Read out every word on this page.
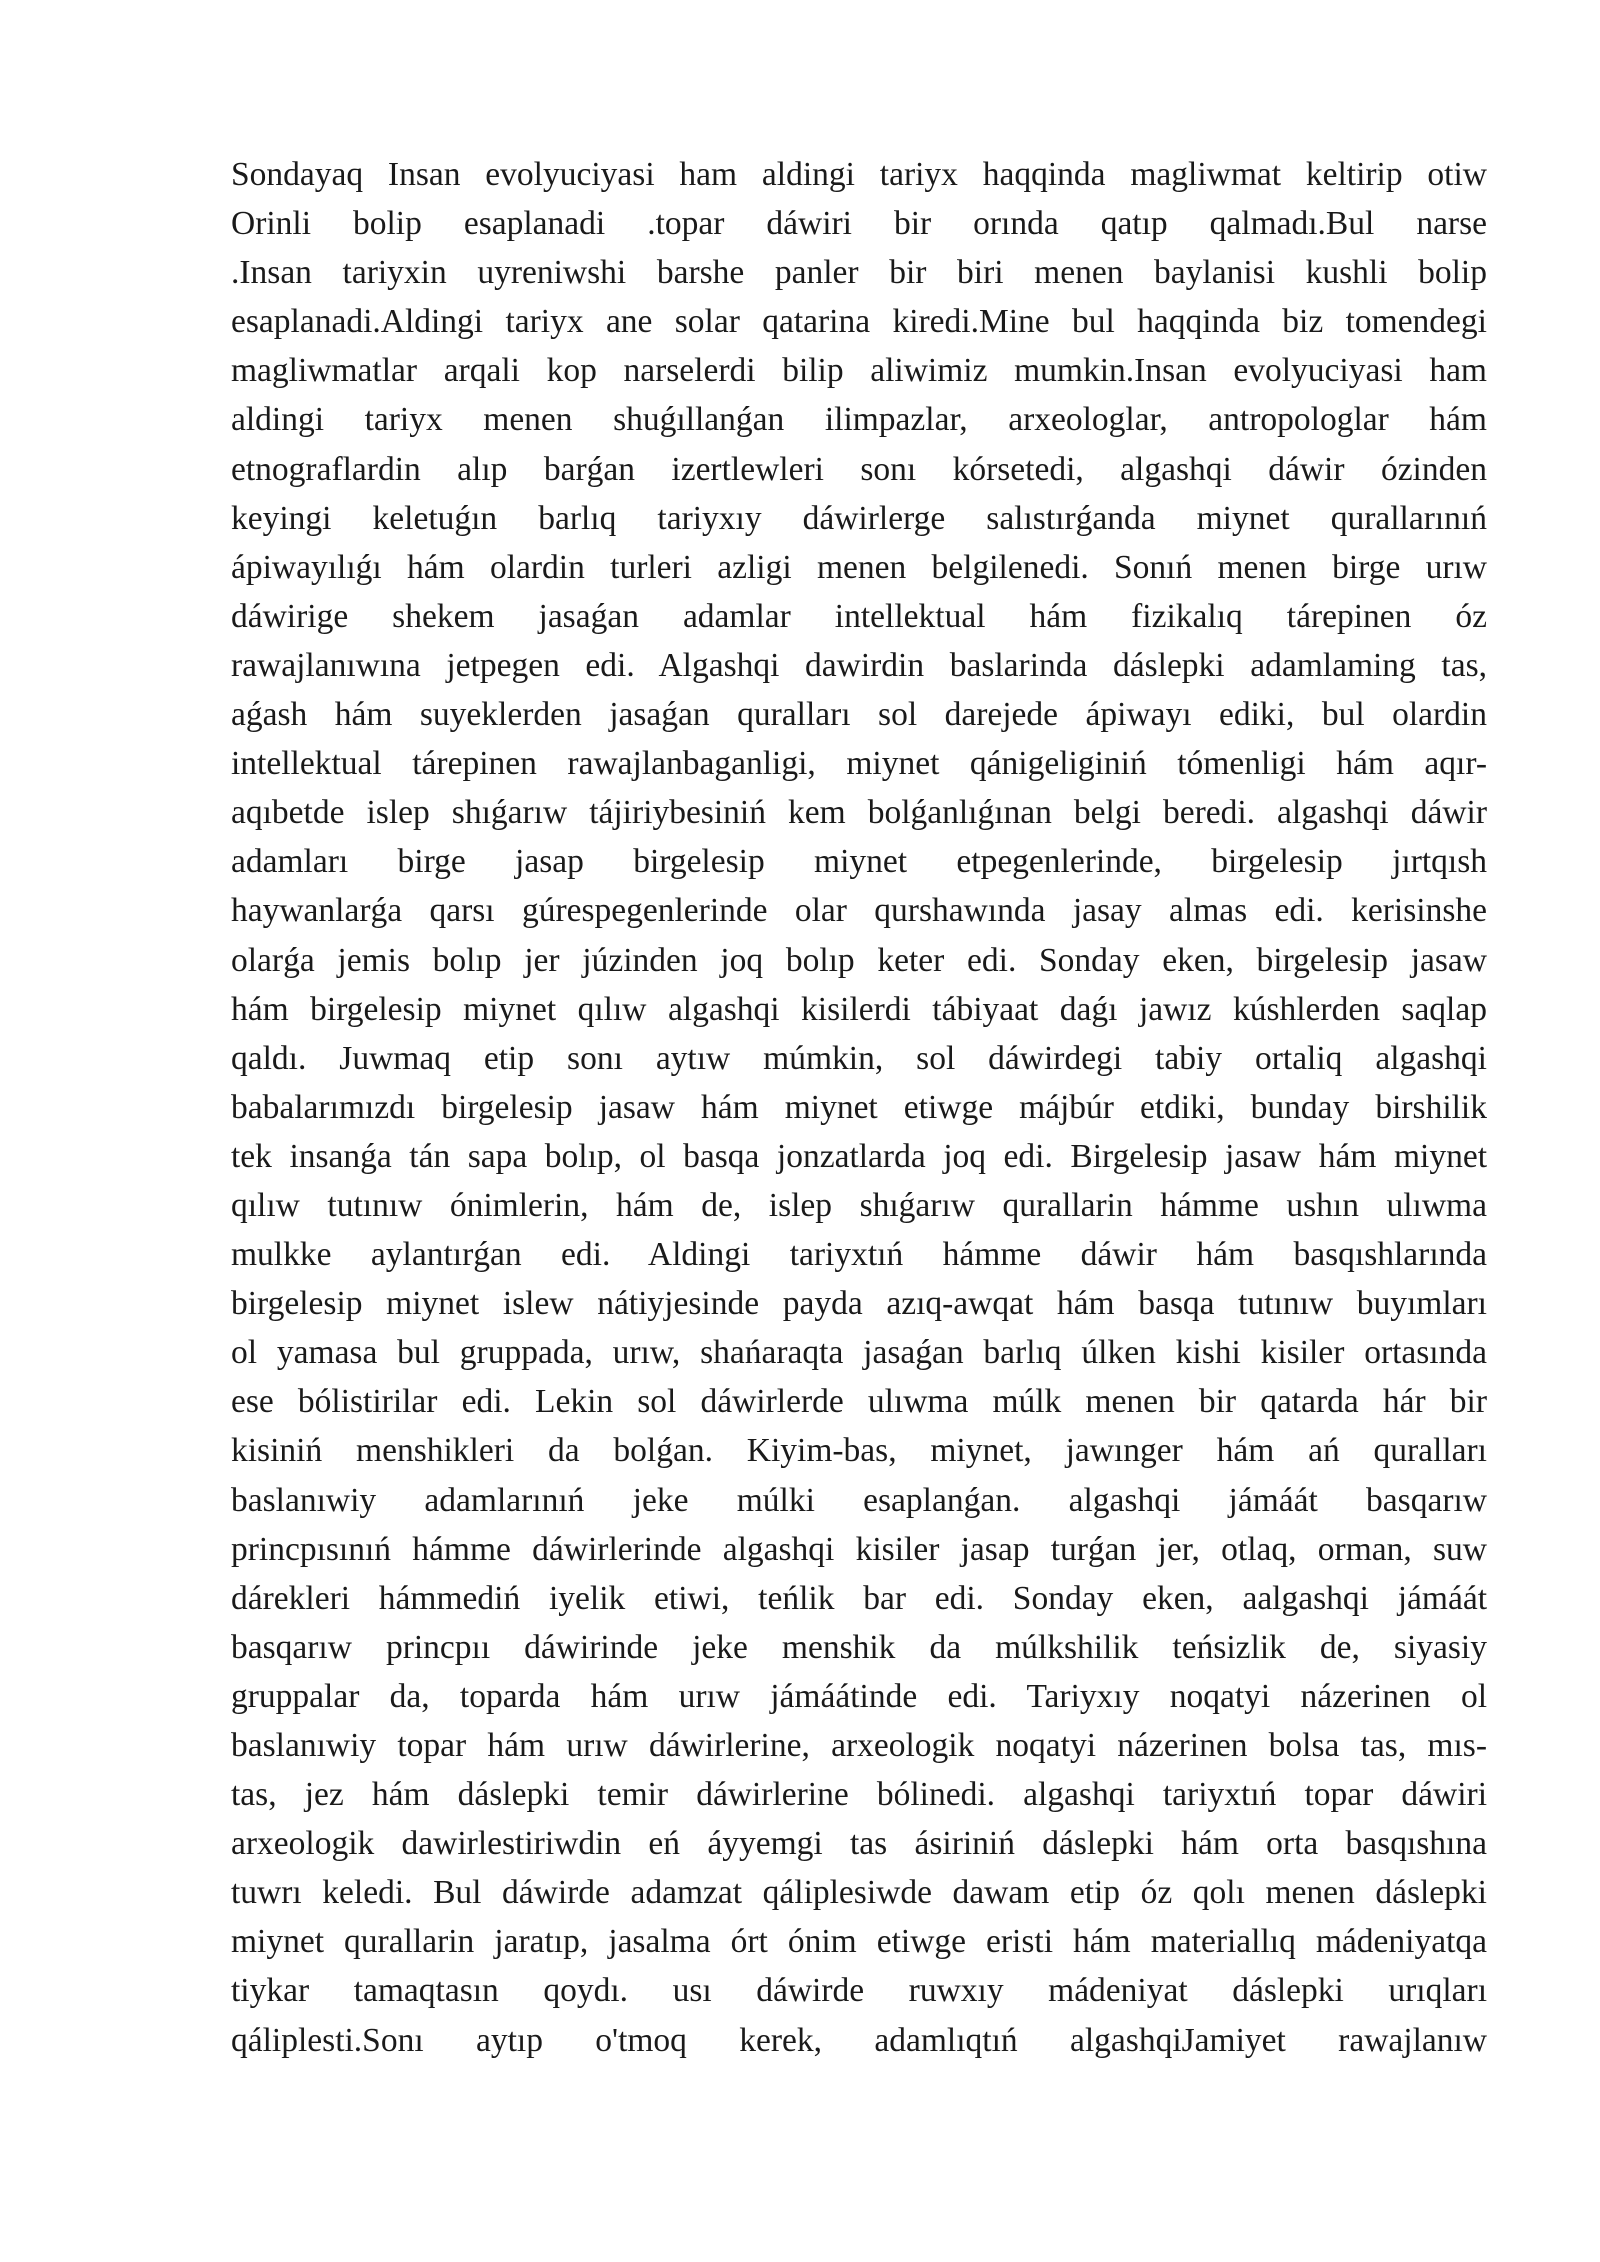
Sondayaq Insan evolyuciyasi ham aldingi tariyx haqqinda magliwmat keltirip otiw
Orinli bolip esaplanadi .topar dáwiri bir orında qatıp qalmadı.Bul narse
.Insan tariyxin uyreniwshi barshe panler bir biri menen baylanisi kushli bolip
esaplanadi.Aldingi tariyx ane solar qatarina kiredi.Mine bul haqqinda biz tomendegi
magliwmatlar arqali kop narselerdi bilip aliwimiz mumkin.Insan evolyuciyasi ham
aldingi tariyx menen shuǵıllanǵan ilimpazlar, arxeologlar, antropologlar hám
etnograflardin alıp barǵan izertlewleri sonı kórsetedi, algashqi dáwir ózinden
keyingi keletuǵın barlıq tariyxıy dáwirlerge salıstırǵanda miynet qurallarınıń
ápiwayılıǵı hám olardin turleri azligi menen belgilenedi. Sonıń menen birge urıw
dáwirige shekem jasaǵan adamlar intellektual hám fizikalıq tárepinen óz
rawajlanıwına jetpegen edi. Algashqi dawirdin baslarinda dáslepki adamlaming tas,
aǵash hám suyeklerden jasaǵan quralları sol darejede ápiwayı ediki, bul olardin
intellektual tárepinen rawajlanbaganligi, miynet qánigeliginiń tómenligi hám aqır-
aqıbetde islep shıǵarıw tájiriybesiniń kem bolǵanlıǵınan belgi beredi. algashqi dáwir
adamları birge jasap birgelesip miynet etpegenlerinde, birgelesip jırtqısh
haywanlarǵa qarsı gúrespegenlerinde olar qurshawında jasay almas edi. kerisinshe
olarǵa jemis bolıp jer júzinden joq bolıp keter edi. Sonday eken, birgelesip jasaw
hám birgelesip miynet qılıw algashqi kisilerdi tábiyaat daǵı jawız kúshlerden saqlap
qaldı. Juwmaq etip sonı aytıw múmkin, sol dáwirdegi tabiy ortaliq algashqi
babalarımızdı birgelesip jasaw hám miynet etiwge májbúr etdiki, bunday birshilik
tek insanǵa tán sapa bolıp, ol basqa jonzatlarda joq edi. Birgelesip jasaw hám miynet
qılıw tutınıw ónimlerin, hám de, islep shıǵarıw qurallarin hámme ushın ulıwma
mulkke aylantırǵan edi. Aldingi tariyxtıń hámme dáwir hám basqıshlarında
birgelesip miynet islew nátiyjesinde payda azıq-awqat hám basqa tutınıw buyımları
ol yamasa bul gruppada, urıw, shańaraqta jasaǵan barlıq úlken kishi kisiler ortasında
ese bólistirilar edi. Lekin sol dáwirlerde ulıwma múlk menen bir qatarda hár bir
kisiniń menshikleri da bolǵan. Kiyim-bas, miynet, jawınger hám ań quralları
baslanıwiy adamlarınıń jeke múlki esaplanǵan. algashqi jámáát basqarıw
princpısınıń hámme dáwirlerinde algashqi kisiler jasap turǵan jer, otlaq, orman, suw
dárekleri hámmediń iyelik etiwi, teńlik bar edi. Sonday eken, aalgashqi jámáát
basqarıw princpıı dáwirinde jeke menshik da múlkshilik teńsizlik de, siyasiy
gruppalar da, toparda hám urıw jámáátinde edi. Tariyxıy noqatyi názerinen ol
baslanıwiy topar hám urıw dáwirlerine, arxeologik noqatyi názerinen bolsa tas, mıs-
tas, jez hám dáslepki temir dáwirlerine bólinedi. algashqi tariyxtıń topar dáwiri
arxeologik dawirlestiriwdin eń áyyemgi tas ásiriniń dáslepki hám orta basqıshına
tuwrı keledi. Bul dáwirde adamzat qáliplesiwde dawam etip óz qolı menen dáslepki
miynet qurallarin jaratıp, jasalma órt ónim etiwge eristi hám materiallıq mádeniyatqa
tiykar tamaqtasın qoydı. usı dáwirde ruwxıy mádeniyat dáslepki urıqları
qáliplesti.Sonı aytıp o'tmoq kerek, adamlıqtıń algashqiJamiyet rawajlanıw
